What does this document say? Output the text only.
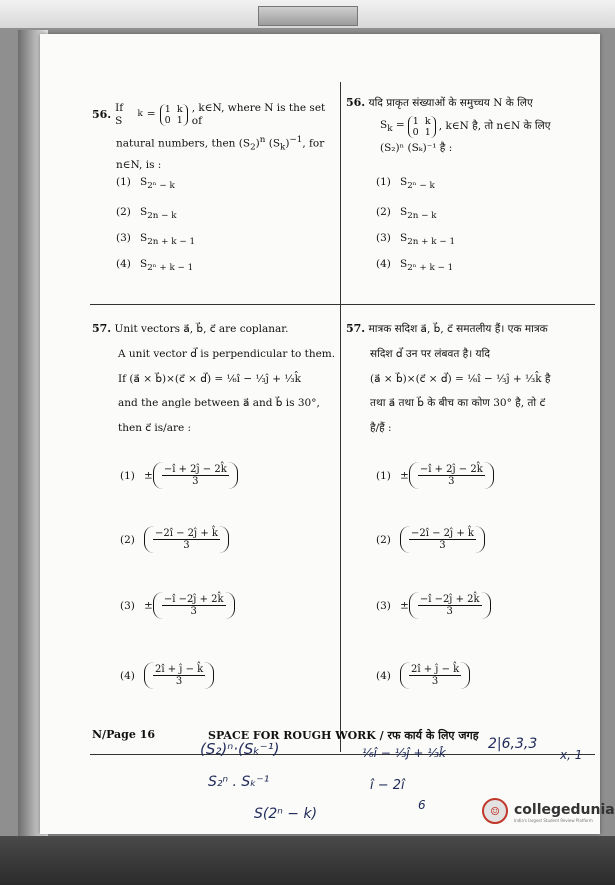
56. If S
k = 1 k
0 1
, k∈N, where N is the set of
natural numbers, then $(S_2)^n$ $(S_k)^{-1}$, for
n∈N, is :
(1) $S_{2^n - k}$
(2) $S_{2n - k}$
(3) $S_{2n + k - 1}$
(4) $S_{2^n + k - 1}$
56. यदि प्राकृत संख्याओं के समुच्चय N के लिए
$S_k = 1$ k
0 1 , k∈N है, तो n∈N के लिए
(S₂)ⁿ (Sₖ)⁻¹ है :
(1) $S_{2^n - k}$
(2) $S_{2n - k}$
(3) $S_{2n + k - 1}$
(4) $S_{2^n + k - 1}$
57. Unit vectors a⃗, b⃗, c⃗ are coplanar.
A unit vector d⃗ is perpendicular to them.
If (a⃗ × b⃗)×(c⃗ × d⃗) = ¹⁄₆î − ¹⁄₃ĵ + ¹⁄₃k̂
and the angle between a⃗ and b⃗ is 30°,
then c⃗ is/are :
$(1) \pm \frac{-î + 2ĵ - 2k̂}{3}$
$(2) \frac{-2î - 2ĵ + k̂}{3}$
$(3) \pm \frac{-î -2ĵ + 2k̂}{3}$
$(4) \frac{2î + ĵ - k̂}{3}$
57. मात्रक सदिश a⃗, b⃗, c⃗ समतलीय हैं। एक मात्रक
सदिश d⃗ उन पर लंबवत है। यदि
(a⃗ × b⃗)×(c⃗ × d⃗) = ¹⁄₆î − ¹⁄₃ĵ + ¹⁄₃k̂ है
तथा a⃗ तथा b⃗ के बीच का कोण 30° है, तो c⃗
है/हैं :
$(1) \pm \frac{-î + 2ĵ - 2k̂}{3}$
$(2) \frac{-2î - 2ĵ + k̂}{3}$
$(3) \pm \frac{-î -2ĵ + 2k̂}{3}$
$(4) \frac{2î + ĵ - k̂}{3}$
N/Page 16	SPACE FOR ROUGH WORK / रफ कार्य के लिए जगह
(S₂)ⁿ·(Sₖ⁻¹)
S₂ⁿ . Sₖ⁻¹
S(2ⁿ − k)
¹⁄₆î − ¹⁄₃ĵ + ¹⁄₃k̂
î − 2î
6
2|6,3,3
x, 1
☺	collegedunia
India's largest Student Review Platform
